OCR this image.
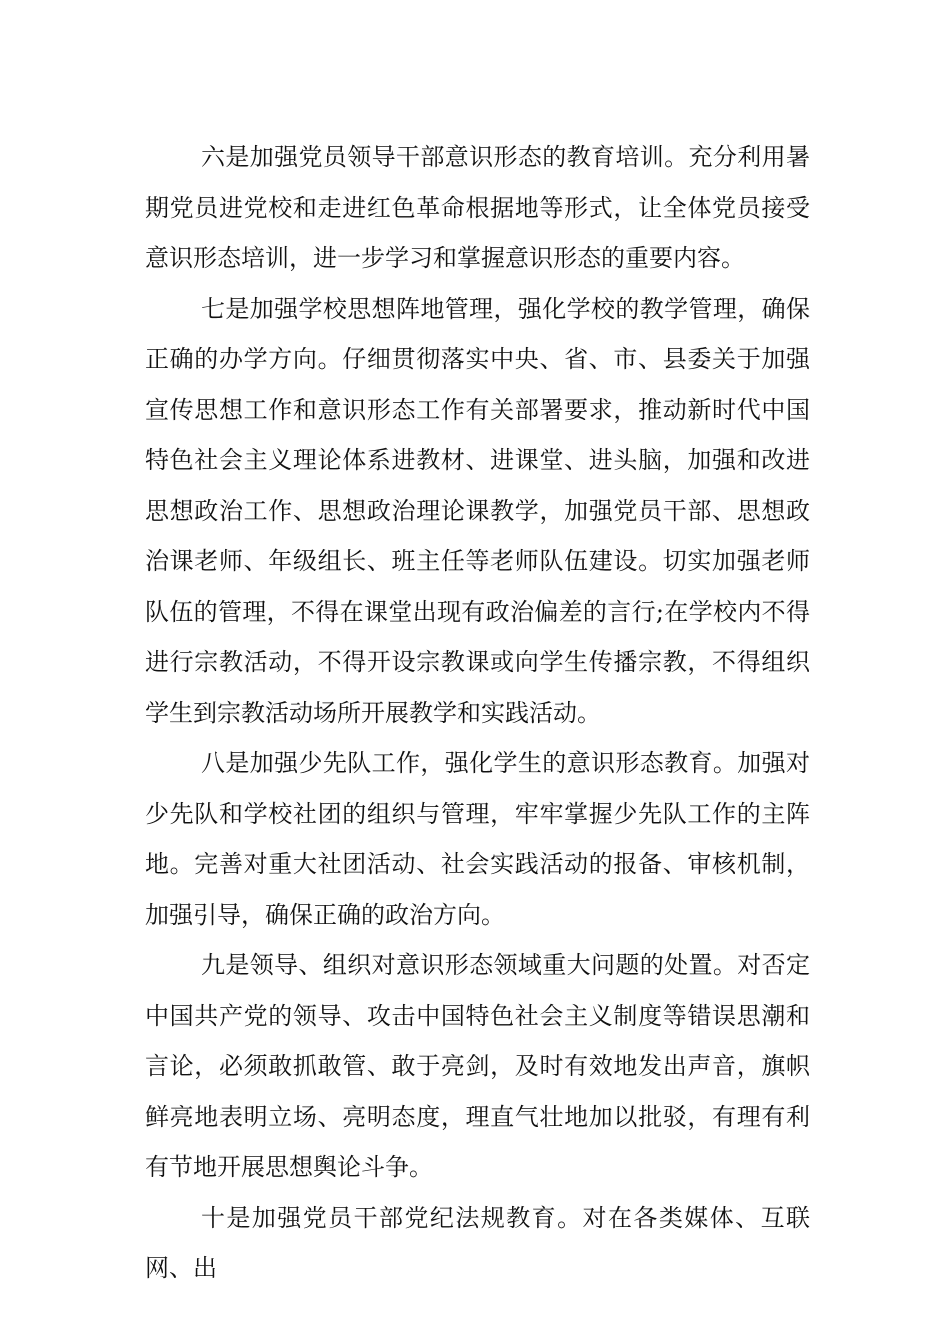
六是加强党员领导干部意识形态的教育培训。充分利用暑期党员进党校和走进红色革命根据地等形式，让全体党员接受意识形态培训，进一步学习和掌握意识形态的重要内容。

七是加强学校思想阵地管理，强化学校的教学管理，确保正确的办学方向。仔细贯彻落实中央、省、市、县委关于加强宣传思想工作和意识形态工作有关部署要求，推动新时代中国特色社会主义理论体系进教材、进课堂、进头脑，加强和改进思想政治工作、思想政治理论课教学，加强党员干部、思想政治课老师、年级组长、班主任等老师队伍建设。切实加强老师队伍的管理，不得在课堂出现有政治偏差的言行;在学校内不得进行宗教活动，不得开设宗教课或向学生传播宗教，不得组织学生到宗教活动场所开展教学和实践活动。

八是加强少先队工作，强化学生的意识形态教育。加强对少先队和学校社团的组织与管理，牢牢掌握少先队工作的主阵地。完善对重大社团活动、社会实践活动的报备、审核机制，加强引导，确保正确的政治方向。

九是领导、组织对意识形态领域重大问题的处置。对否定中国共产党的领导、攻击中国特色社会主义制度等错误思潮和言论，必须敢抓敢管、敢于亮剑，及时有效地发出声音，旗帜鲜亮地表明立场、亮明态度，理直气壮地加以批驳，有理有利有节地开展思想舆论斗争。

十是加强党员干部党纪法规教育。对在各类媒体、互联网、出
